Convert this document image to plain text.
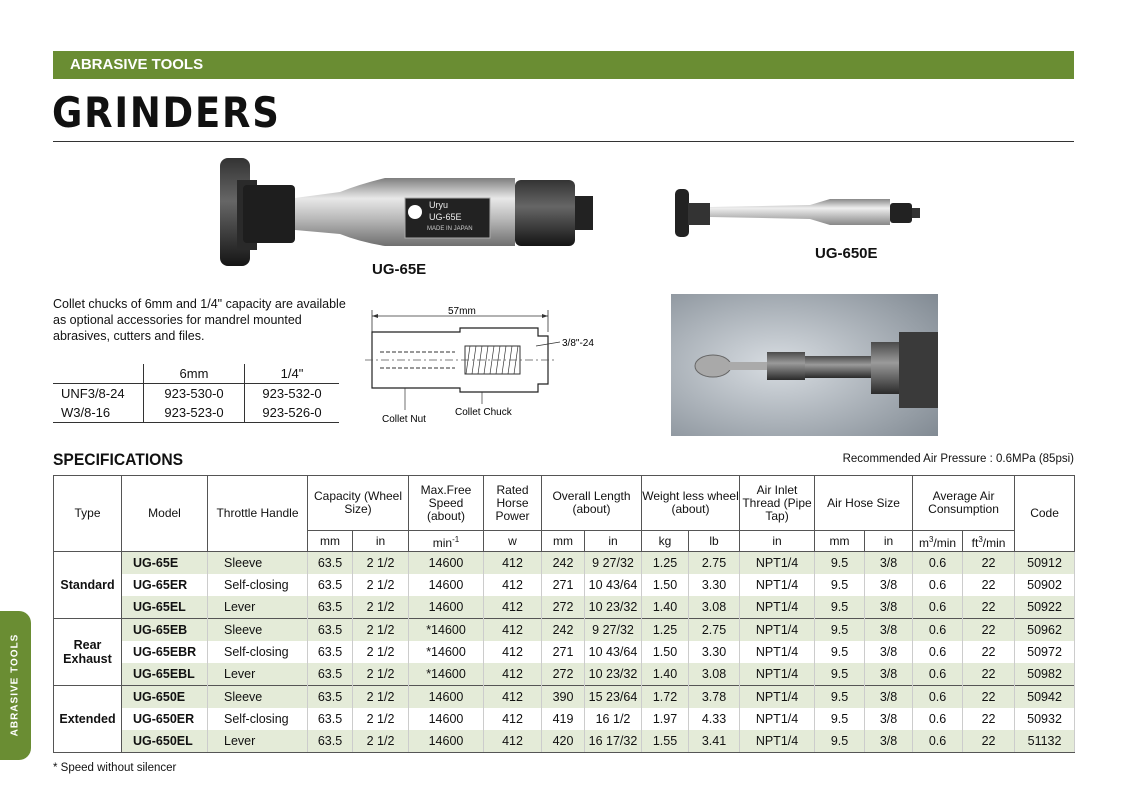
ABRASIVE TOOLS
GRINDERS
ABRASIVE TOOLS
Uryu
UG-65E
MADE IN JAPAN
UG-65E
UG-650E
Collet chucks of 6mm and 1/4" capacity are available as optional accessories for mandrel mounted abrasives, cutters and files.
	6mm	1/4"
UNF3/8-24	923-530-0	923-532-0
W3/8-16	923-523-0	923-526-0
57mm
3/8"-24
Collet Nut
Collet Chuck
SPECIFICATIONS	Recommended Air Pressure : 0.6MPa (85psi)
Type	Model	Throttle Handle	Capacity (Wheel Size)		Max.Free Speed (about)	Rated Horse Power	Overall Length (about)		Weight less wheel (about)		Air Inlet Thread (Pipe Tap)	Air Hose Size		Average Air Consumption		Code
			mm	in	$\min^{-1}$	w	mm	in	kg	lb	in	mm	in	$m^3/\min$	$ft^3/\min$	
Standard	UG-65E	Sleeve	63.5	2 1/2	14600	412	242	9 27/32	1.25	2.75	NPT1/4	9.5	3/8	0.6	22	50912
	UG-65ER	Self-closing	63.5	2 1/2	14600	412	271	10 43/64	1.50	3.30	NPT1/4	9.5	3/8	0.6	22	50902
	UG-65EL	Lever	63.5	2 1/2	14600	412	272	10 23/32	1.40	3.08	NPT1/4	9.5	3/8	0.6	22	50922
Rear
Exhaust	UG-65EB	Sleeve	63.5	2 1/2	*14600	412	242	9 27/32	1.25	2.75	NPT1/4	9.5	3/8	0.6	22	50962
	UG-65EBR	Self-closing	63.5	2 1/2	*14600	412	271	10 43/64	1.50	3.30	NPT1/4	9.5	3/8	0.6	22	50972
	UG-65EBL	Lever	63.5	2 1/2	*14600	412	272	10 23/32	1.40	3.08	NPT1/4	9.5	3/8	0.6	22	50982
Extended	UG-650E	Sleeve	63.5	2 1/2	14600	412	390	15 23/64	1.72	3.78	NPT1/4	9.5	3/8	0.6	22	50942
	UG-650ER	Self-closing	63.5	2 1/2	14600	412	419	16 1/2	1.97	4.33	NPT1/4	9.5	3/8	0.6	22	50932
	UG-650EL	Lever	63.5	2 1/2	14600	412	420	16 17/32	1.55	3.41	NPT1/4	9.5	3/8	0.6	22	51132
* Speed without silencer
